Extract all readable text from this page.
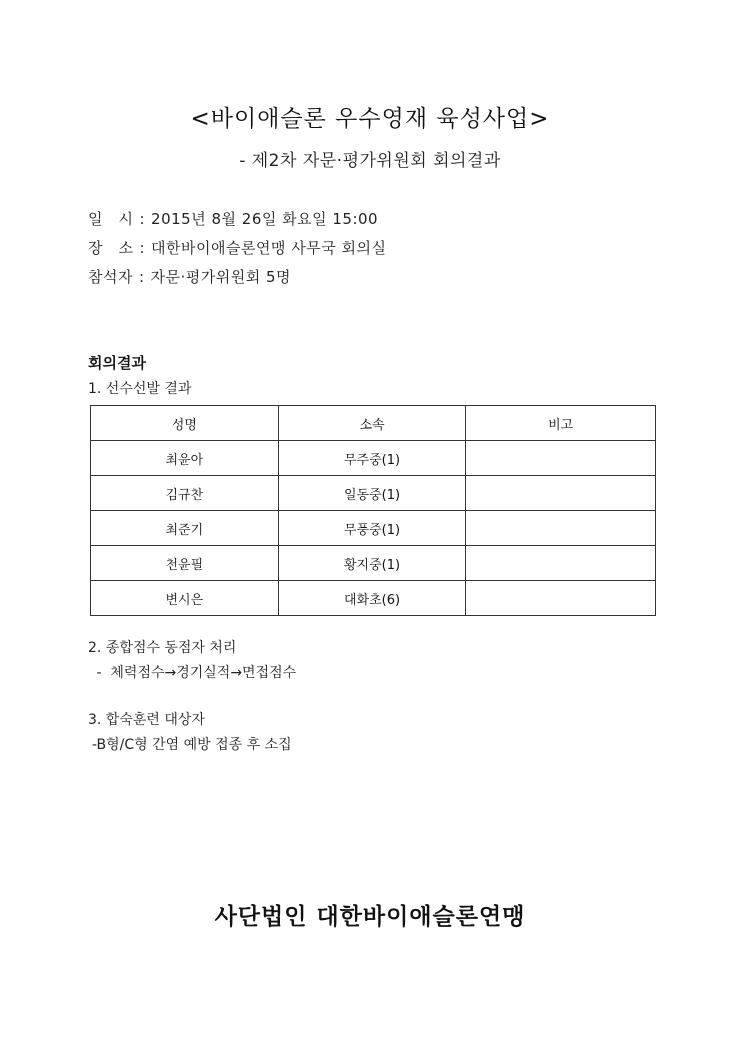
<바이애슬론 우수영재 육성사업>
- 제2차 자문·평가위원회 회의결과
일　시 : 2015년 8월 26일 화요일 15:00
장　소 : 대한바이애슬론연맹 사무국 회의실
참석자 : 자문·평가위원회 5명
회의결과
1. 선수선발 결과
성명	소속	비고
최윤아	무주중(1)	
김규찬	일동중(1)	
최준기	무풍중(1)	
천윤필	황지중(1)	
변시은	대화초(6)	
2. 종합점수 동점자 처리
-  체력점수→경기실적→면접점수
3. 합숙훈련 대상자
-B형/C형 간염 예방 접종 후 소집
사단법인 대한바이애슬론연맹
